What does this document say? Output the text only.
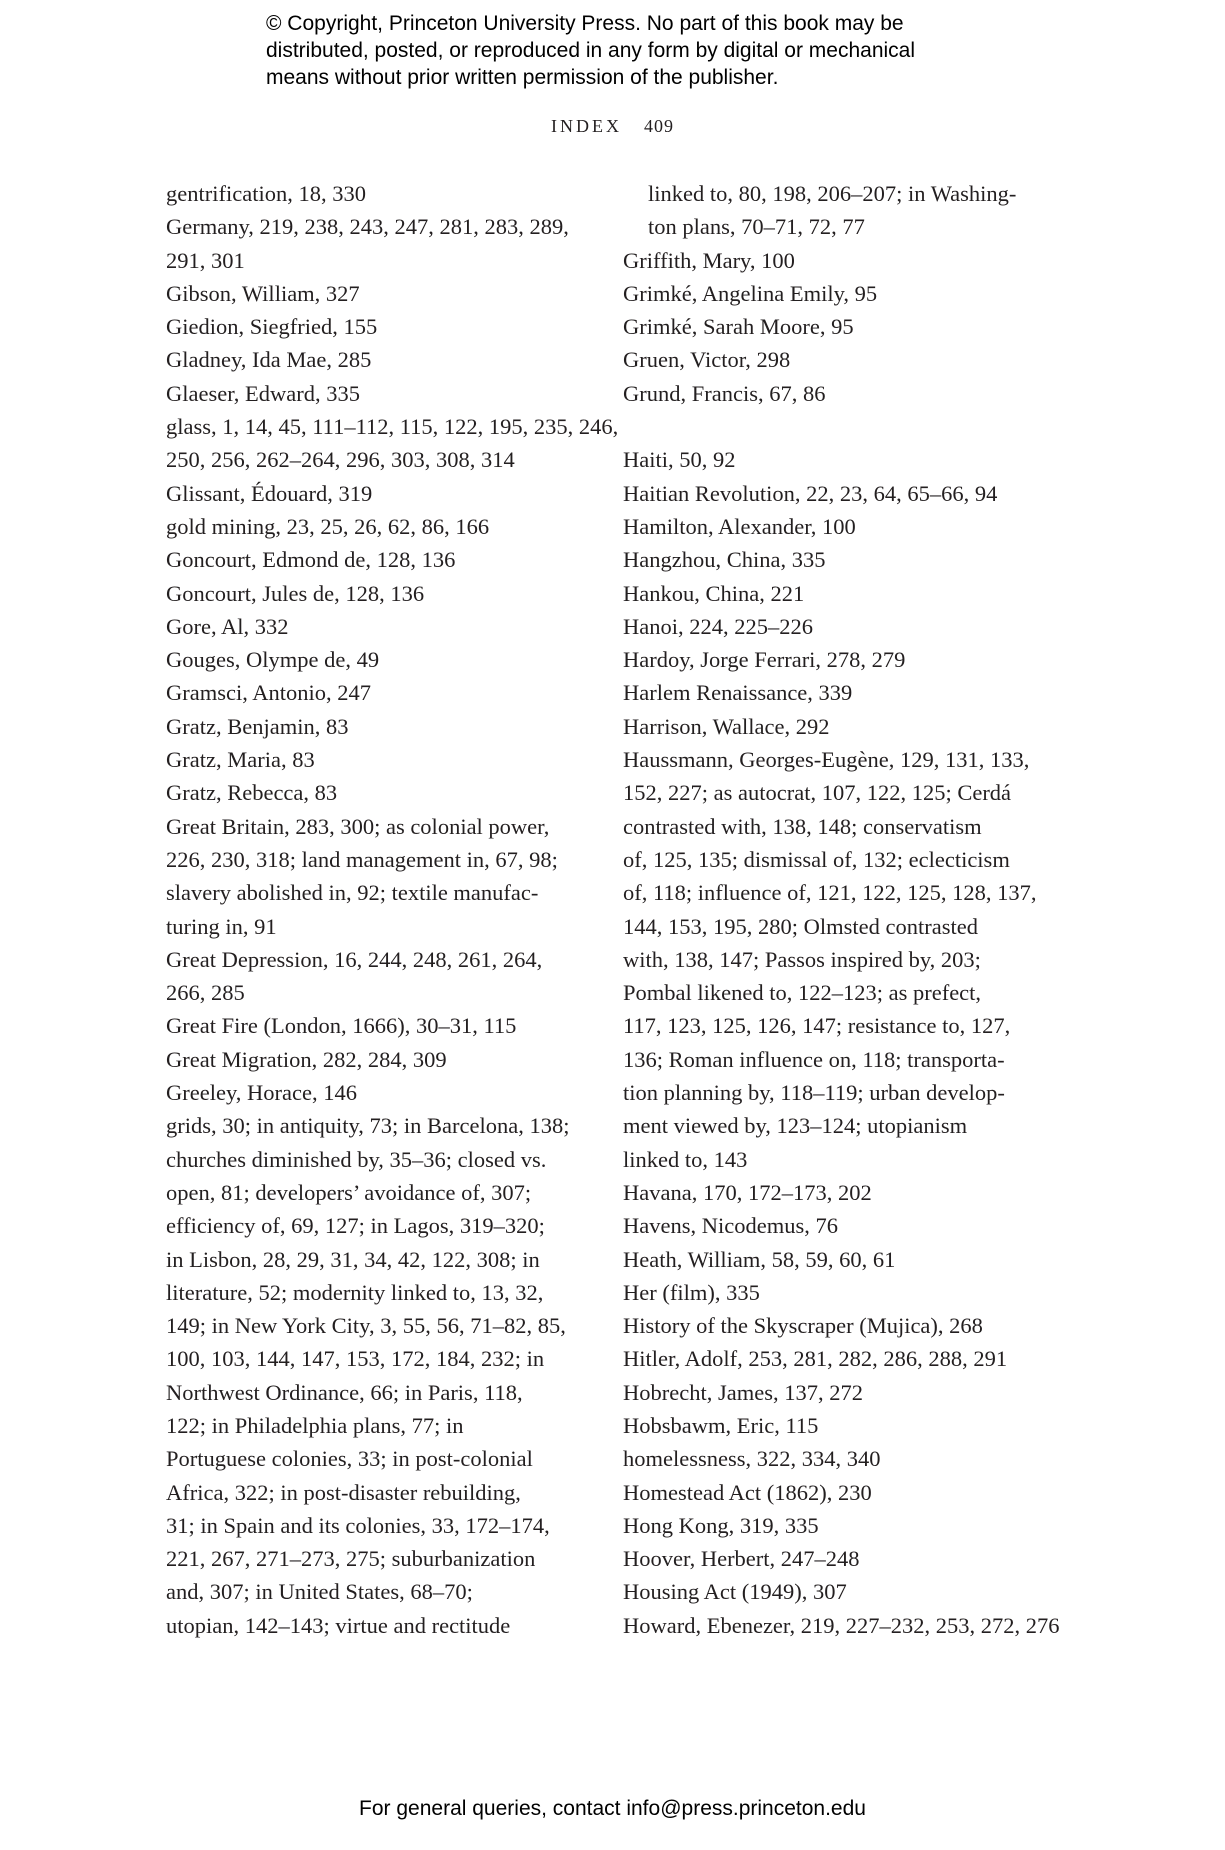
© Copyright, Princeton University Press. No part of this book may be
distributed, posted, or reproduced in any form by digital or mechanical
means without prior written permission of the publisher.
INDEX 409
gentrification, 18, 330
Germany, 219, 238, 243, 247, 281, 283, 289,
291, 301
Gibson, William, 327
Giedion, Siegfried, 155
Gladney, Ida Mae, 285
Glaeser, Edward, 335
glass, 1, 14, 45, 111–112, 115, 122, 195, 235, 246,
250, 256, 262–264, 296, 303, 308, 314
Glissant, Édouard, 319
gold mining, 23, 25, 26, 62, 86, 166
Goncourt, Edmond de, 128, 136
Goncourt, Jules de, 128, 136
Gore, Al, 332
Gouges, Olympe de, 49
Gramsci, Antonio, 247
Gratz, Benjamin, 83
Gratz, Maria, 83
Gratz, Rebecca, 83
Great Britain, 283, 300; as colonial power,
226, 230, 318; land management in, 67, 98;
slavery abolished in, 92; textile manufac-
turing in, 91
Great Depression, 16, 244, 248, 261, 264,
266, 285
Great Fire (London, 1666), 30–31, 115
Great Migration, 282, 284, 309
Greeley, Horace, 146
grids, 30; in antiquity, 73; in Barcelona, 138;
churches diminished by, 35–36; closed vs.
open, 81; developers’ avoidance of, 307;
efficiency of, 69, 127; in Lagos, 319–320;
in Lisbon, 28, 29, 31, 34, 42, 122, 308; in
literature, 52; modernity linked to, 13, 32,
149; in New York City, 3, 55, 56, 71–82, 85,
100, 103, 144, 147, 153, 172, 184, 232; in
Northwest Ordinance, 66; in Paris, 118,
122; in Philadelphia plans, 77; in
Portuguese colonies, 33; in post-colonial
Africa, 322; in post-disaster rebuilding,
31; in Spain and its colonies, 33, 172–174,
221, 267, 271–273, 275; suburbanization
and, 307; in United States, 68–70;
utopian, 142–143; virtue and rectitude
linked to, 80, 198, 206–207; in Washing-
ton plans, 70–71, 72, 77
Griffith, Mary, 100
Grimké, Angelina Emily, 95
Grimké, Sarah Moore, 95
Gruen, Victor, 298
Grund, Francis, 67, 86
Haiti, 50, 92
Haitian Revolution, 22, 23, 64, 65–66, 94
Hamilton, Alexander, 100
Hangzhou, China, 335
Hankou, China, 221
Hanoi, 224, 225–226
Hardoy, Jorge Ferrari, 278, 279
Harlem Renaissance, 339
Harrison, Wallace, 292
Haussmann, Georges-Eugène, 129, 131, 133,
152, 227; as autocrat, 107, 122, 125; Cerdá
contrasted with, 138, 148; conservatism
of, 125, 135; dismissal of, 132; eclecticism
of, 118; influence of, 121, 122, 125, 128, 137,
144, 153, 195, 280; Olmsted contrasted
with, 138, 147; Passos inspired by, 203;
Pombal likened to, 122–123; as prefect,
117, 123, 125, 126, 147; resistance to, 127,
136; Roman influence on, 118; transporta-
tion planning by, 118–119; urban develop-
ment viewed by, 123–124; utopianism
linked to, 143
Havana, 170, 172–173, 202
Havens, Nicodemus, 76
Heath, William, 58, 59, 60, 61
Her (film), 335
History of the Skyscraper (Mujica), 268
Hitler, Adolf, 253, 281, 282, 286, 288, 291
Hobrecht, James, 137, 272
Hobsbawm, Eric, 115
homelessness, 322, 334, 340
Homestead Act (1862), 230
Hong Kong, 319, 335
Hoover, Herbert, 247–248
Housing Act (1949), 307
Howard, Ebenezer, 219, 227–232, 253, 272, 276
For general queries, contact info@press.princeton.edu
